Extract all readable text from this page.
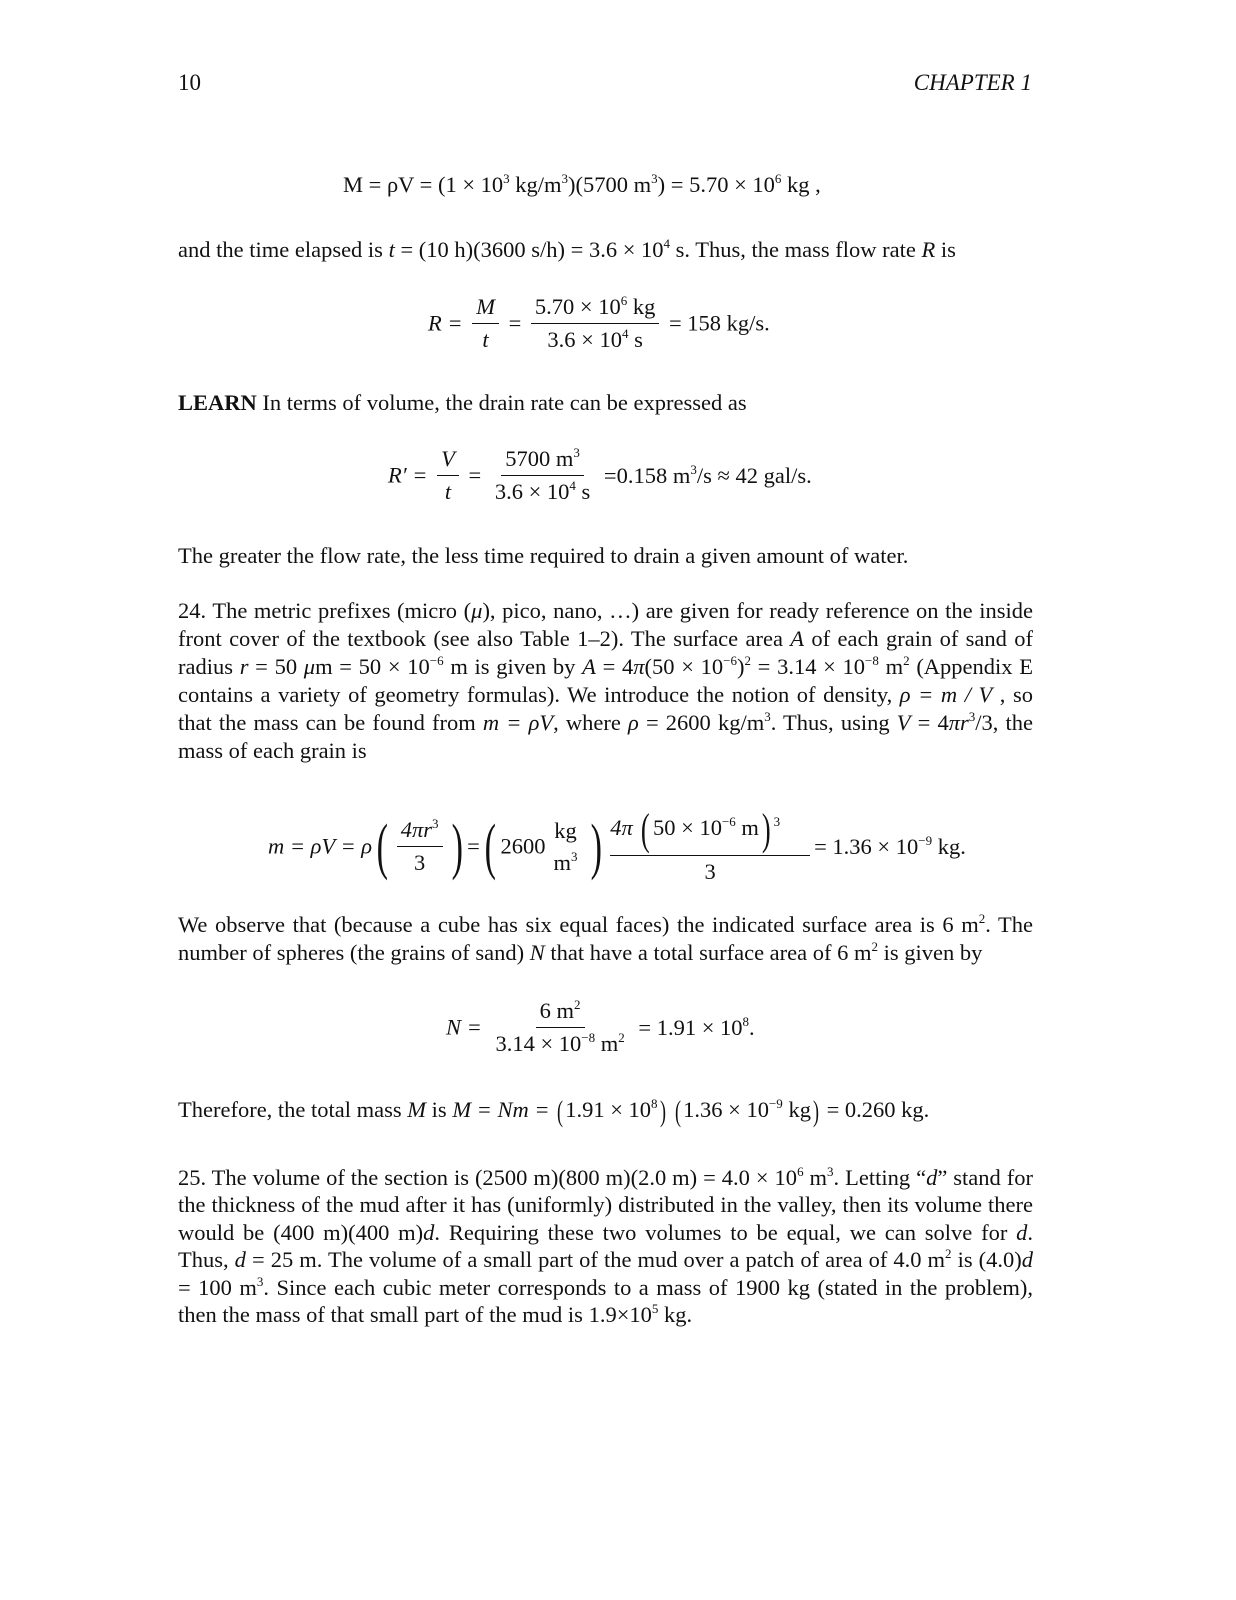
10	CHAPTER 1
$M = \rho V = (1 \times 10^3$ $kg/m^3)(5700$ $m^3) = 5.70 \times 10^6$ kg ,
and the time elapsed is t = (10 h)(3600 $s/h) = 3.6 \times 10^4$ s. Thus, the mass flow rate R is
$R = \frac{M}{t} = \frac{5.70 \times 10^6 kg}{3.6 \times 10^4 s} = 158$ kg/s.
LEARN In terms of volume, the drain rate can be expressed as
$R' = \frac{V}{t} = \frac{5700 m^3}{3.6 \times 10^4 s} =0.158$ $m^3/s \approx 42$ gal/s.
The greater the flow rate, the less time required to drain a given amount of water.
24. The metric prefixes (micro (μ), pico, nano, …) are given for ready reference on the inside front cover of the textbook (see also Table 1–2). The surface area A of each grain of sand of radius r = 50 $\mu m = 50 \times 10^{-6}$ m is given by $A = 4\pi(50 \times 10^{-6})^2 = 3.14 \times 10^{-8}$ $m^2$ (Appendix E contains a variety of geometry formulas). We introduce the notion of density, ρ = m / V , so that the mass can be found from m = ρV, where ρ = 2600 $kg/m^3$. Thus, using $V = 4\pi r^3/3$, the mass of each grain is
$m = \rho V = \rho( \frac{4\pi r^3}{3}$ ) =( 2600
kg
$m^3$ ) $\frac{4\pi ( 50 \times 10^{-6} m) ^3}{3} = 1.36 \times 10^{-9}$ kg.
We observe that (because a cube has six equal faces) the indicated surface area is 6 $m^2$. The number of spheres (the grains of sand) N that have a total surface area of 6 $m^2$ is given by
$N = \frac{6 m^2}{3.14 \times 10^{-8} m^2} = 1.91 \times 10^8$.
Therefore, the total mass M is $M = Nm = (1.91 \times 10^8)$ ($1.36 \times 10^{-9}$ kg) = 0.260 kg.
25. The volume of the section is (2500 m)(800 m)(2.0 $m) = 4.0 \times 10^6$ $m^3$. Letting “d” stand for the thickness of the mud after it has (uniformly) distributed in the valley, then its volume there would be (400 m)(400 m)d. Requiring these two volumes to be equal, we can solve for d. Thus, d = 25 m. The volume of a small part of the mud over a patch of area of 4.0 $m^2$ is (4.0)d = 100 $m^3$. Since each cubic meter corresponds to a mass of 1900 kg (stated in the problem), then the mass of that small part of the mud is $1.9\times 10^5$ kg.
